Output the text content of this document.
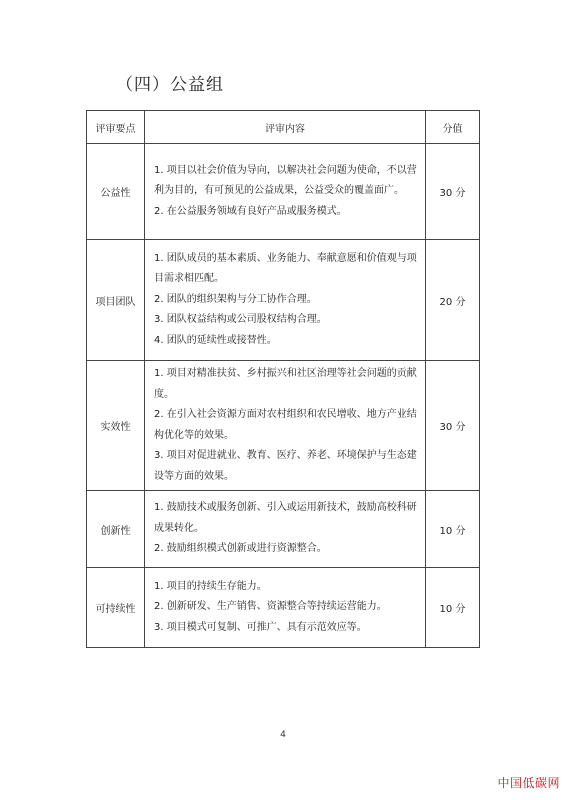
（四）公益组
评审要点	评审内容	分值
公益性	1. 项目以社会价值为导向，以解决社会问题为使命，不以营利为目的，有可预见的公益成果，公益受众的覆盖面广。

2. 在公益服务领域有良好产品或服务模式。	30 分
项目团队	1. 团队成员的基本素质、业务能力、奉献意愿和价值观与项目需求相匹配。

2. 团队的组织架构与分工协作合理。

3. 团队权益结构或公司股权结构合理。

4. 团队的延续性或接替性。	20 分
实效性	1. 项目对精准扶贫、乡村振兴和社区治理等社会问题的贡献度。

2. 在引入社会资源方面对农村组织和农民增收、地方产业结构优化等的效果。

3. 项目对促进就业、教育、医疗、养老、环境保护与生态建设等方面的效果。	30 分
创新性	1. 鼓励技术或服务创新、引入或运用新技术，鼓励高校科研成果转化。

2. 鼓励组织模式创新或进行资源整合。	10 分
可持续性	1. 项目的持续生存能力。

2. 创新研发、生产销售、资源整合等持续运营能力。

3. 项目模式可复制、可推广、具有示范效应等。	10 分
4
中国低碳网
